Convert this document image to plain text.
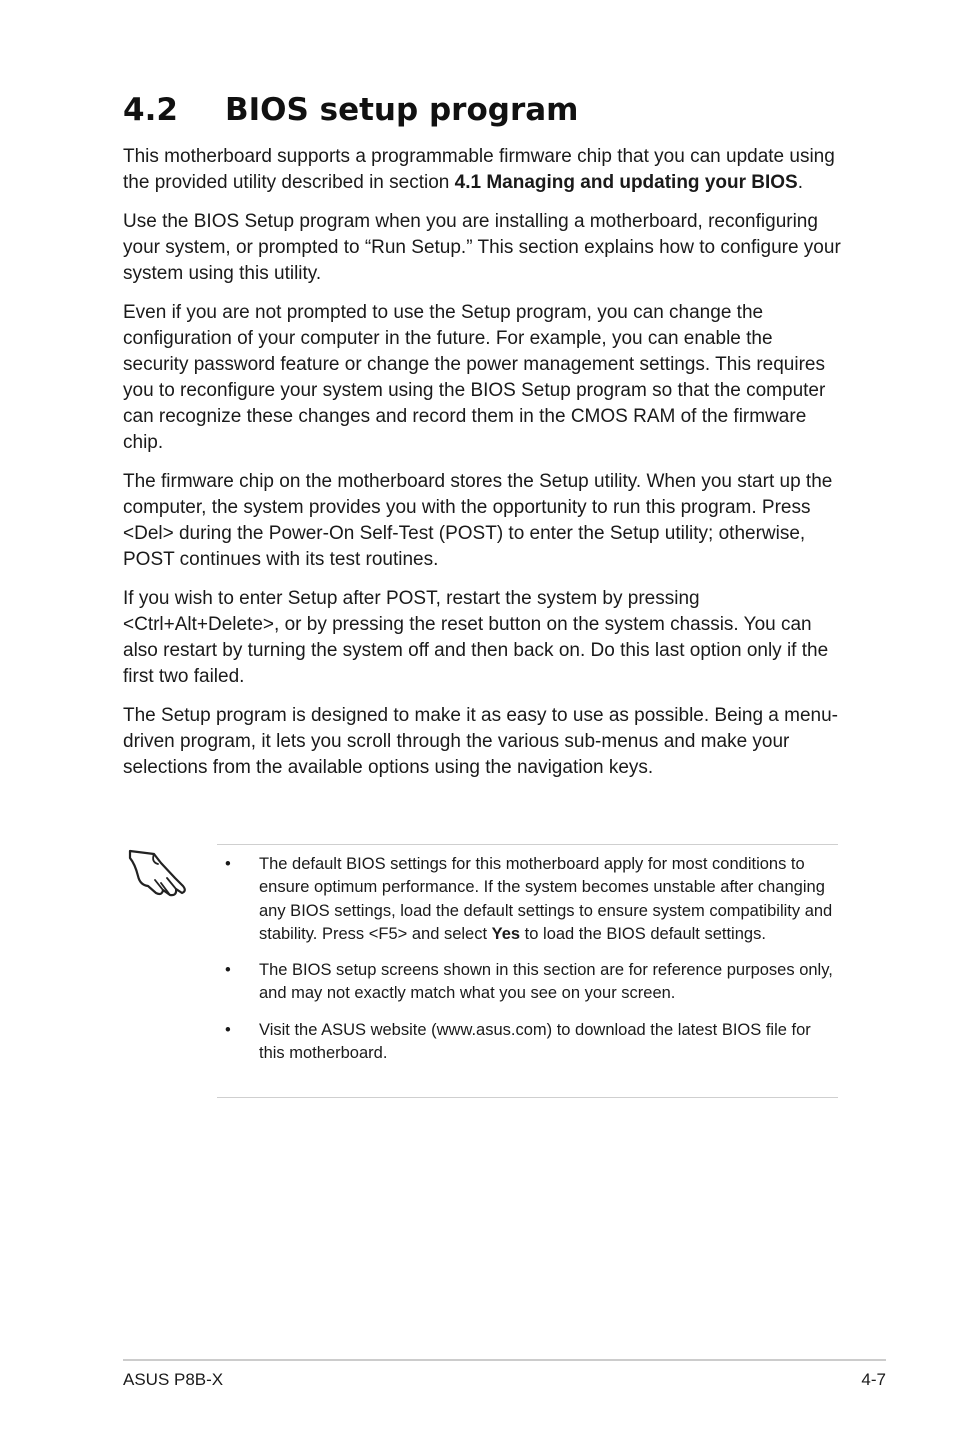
4.2 BIOS setup program

This motherboard supports a programmable firmware chip that you can update using the provided utility described in section 4.1 Managing and updating your BIOS.

Use the BIOS Setup program when you are installing a motherboard, reconfiguring your system, or prompted to “Run Setup.” This section explains how to configure your system using this utility.

Even if you are not prompted to use the Setup program, you can change the configuration of your computer in the future. For example, you can enable the security password feature or change the power management settings. This requires you to reconfigure your system using the BIOS Setup program so that the computer can recognize these changes and record them in the CMOS RAM of the firmware chip.

The firmware chip on the motherboard stores the Setup utility. When you start up the computer, the system provides you with the opportunity to run this program. Press <Del> during the Power-On Self-Test (POST) to enter the Setup utility; otherwise, POST continues with its test routines.

If you wish to enter Setup after POST, restart the system by pressing <Ctrl+Alt+Delete>, or by pressing the reset button on the system chassis. You can also restart by turning the system off and then back on. Do this last option only if the first two failed.

The Setup program is designed to make it as easy to use as possible. Being a menu-driven program, it lets you scroll through the various sub-menus and make your selections from the available options using the navigation keys.

• The default BIOS settings for this motherboard apply for most conditions to ensure optimum performance. If the system becomes unstable after changing any BIOS settings, load the default settings to ensure system compatibility and stability. Press <F5> and select Yes to load the BIOS default settings.
• The BIOS setup screens shown in this section are for reference purposes only, and may not exactly match what you see on your screen.
• Visit the ASUS website (www.asus.com) to download the latest BIOS file for this motherboard.
ASUS P8B-X	4-7
